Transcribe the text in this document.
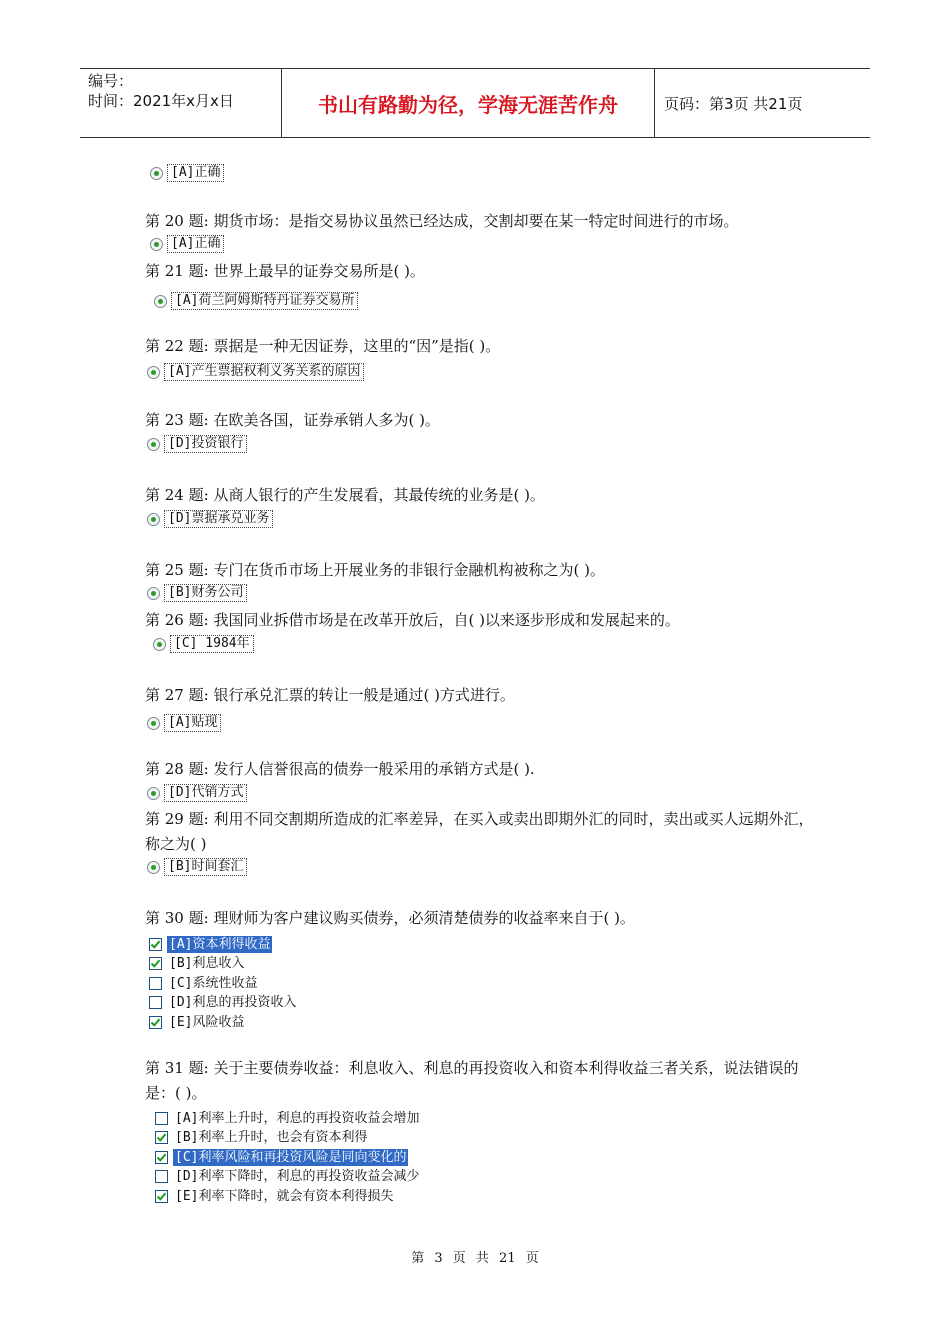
编号：
时间：2021年x月x日	书山有路勤为径，学海无涯苦作舟	页码：第3页 共21页
[A]正确
第 20 题: 期货市场：是指交易协议虽然已经达成，交割却要在某一特定时间进行的市场。
[A]正确
第 21 题: 世界上最早的证券交易所是( )。
[A]荷兰阿姆斯特丹证券交易所
第 22 题: 票据是一种无因证券，这里的“因”是指( )。
[A]产生票据权利义务关系的原因
第 23 题: 在欧美各国，证券承销人多为( )。
[D]投资银行
第 24 题: 从商人银行的产生发展看，其最传统的业务是( )。
[D]票据承兑业务
第 25 题: 专门在货币市场上开展业务的非银行金融机构被称之为( )。
[B]财务公司
第 26 题: 我国同业拆借市场是在改革开放后，自( )以来逐步形成和发展起来的。
[C] 1984年
第 27 题: 银行承兑汇票的转让一般是通过( )方式进行。
[A]贴现
第 28 题: 发行人信誉很高的债券一般采用的承销方式是( ).
[D]代销方式
第 29 题: 利用不同交割期所造成的汇率差异，在买入或卖出即期外汇的同时，卖出或买人远期外汇，称之为( )
[B]时间套汇
第 30 题: 理财师为客户建议购买债券，必须清楚债券的收益率来自于( )。
[A]资本利得收益
[B]利息收入
[C]系统性收益
[D]利息的再投资收入
[E]风险收益
第 31 题: 关于主要债券收益：利息收入、利息的再投资收入和资本利得收益三者关系，说法错误的是：( )。
[A]利率上升时，利息的再投资收益会增加
[B]利率上升时，也会有资本利得
[C]利率风险和再投资风险是同向变化的
[D]利率下降时，利息的再投资收益会减少
[E]利率下降时，就会有资本利得损失
第 3 页 共 21 页
